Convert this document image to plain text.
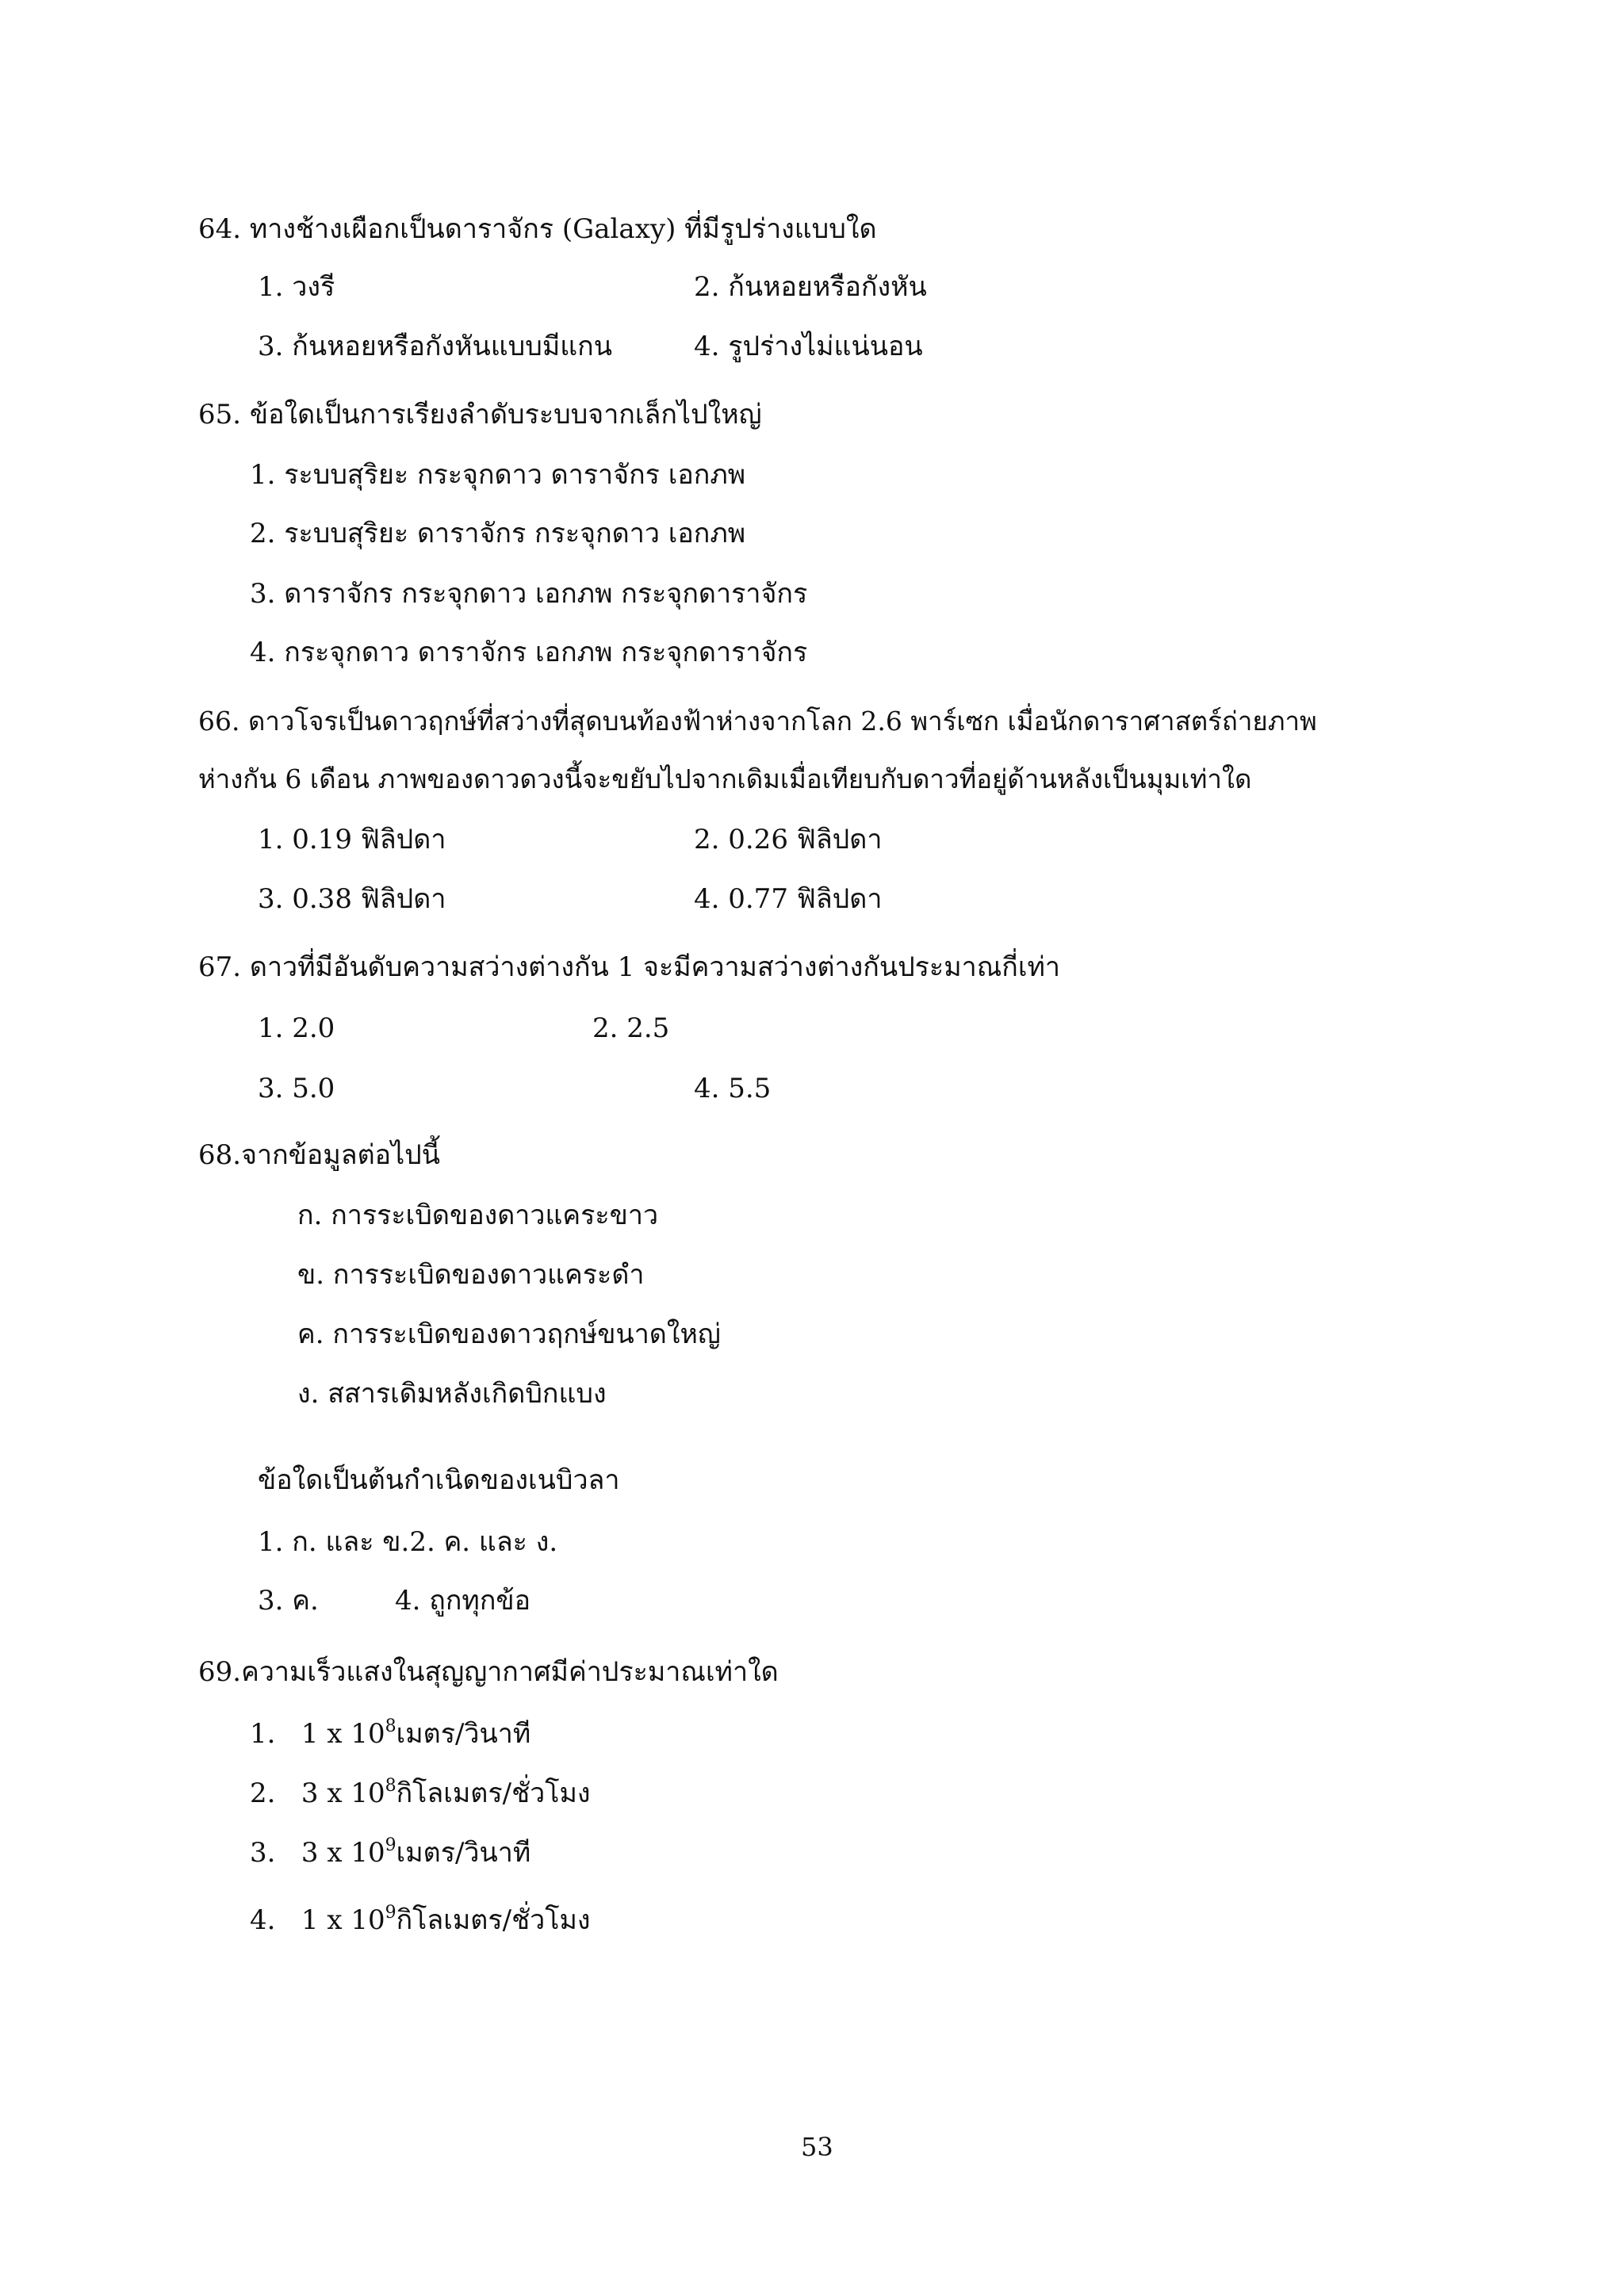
64. ทางช้างเผือกเป็นดาราจักร (Galaxy) ที่มีรูปร่างแบบใด
1. วงรี	2. ก้นหอยหรือกังหัน
3. ก้นหอยหรือกังหันแบบมีแกน	4. รูปร่างไม่แน่นอน
65. ข้อใดเป็นการเรียงลำดับระบบจากเล็กไปใหญ่
1. ระบบสุริยะ กระจุกดาว ดาราจักร เอกภพ
2. ระบบสุริยะ ดาราจักร กระจุกดาว เอกภพ
3. ดาราจักร กระจุกดาว เอกภพ กระจุกดาราจักร
4. กระจุกดาว ดาราจักร เอกภพ กระจุกดาราจักร
66. ดาวโจรเป็นดาวฤกษ์ที่สว่างที่สุดบนท้องฟ้าห่างจากโลก 2.6 พาร์เซก เมื่อนักดาราศาสตร์ถ่ายภาพ
ห่างกัน 6 เดือน ภาพของดาวดวงนี้จะขยับไปจากเดิมเมื่อเทียบกับดาวที่อยู่ด้านหลังเป็นมุมเท่าใด
1. 0.19 ฟิลิปดา	2. 0.26 ฟิลิปดา
3. 0.38 ฟิลิปดา	4. 0.77 ฟิลิปดา
67. ดาวที่มีอันดับความสว่างต่างกัน 1 จะมีความสว่างต่างกันประมาณกี่เท่า
1. 2.0	2. 2.5
3. 5.0	4. 5.5
68.จากข้อมูลต่อไปนี้
ก. การระเบิดของดาวแคระขาว
ข. การระเบิดของดาวแคระดำ
ค. การระเบิดของดาวฤกษ์ขนาดใหญ่
ง. สสารเดิมหลังเกิดบิกแบง
ข้อใดเป็นต้นกำเนิดของเนบิวลา
1. ก. และ ข.2. ค. และ ง.
3. ค.	4. ถูกทุกข้อ
69.ความเร็วแสงในสุญญากาศมีค่าประมาณเท่าใด
1. 1 x $10^8$เมตร/วินาที
2. 3 x $10^8$กิโลเมตร/ชั่วโมง
3. 3 x $10^9$เมตร/วินาที
4. 1 x $10^9$กิโลเมตร/ชั่วโมง
53
